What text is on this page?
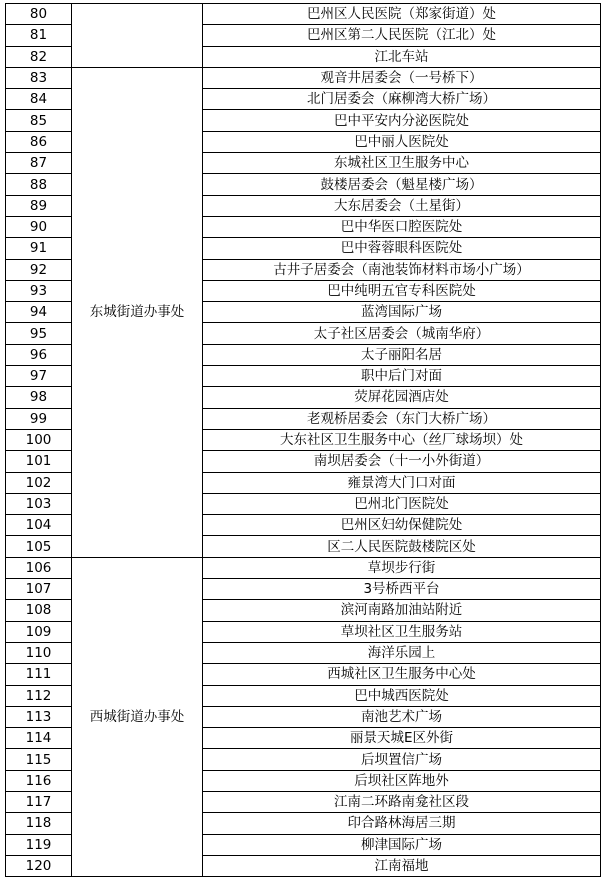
80		巴州区人民医院（郑家街道）处
81		巴州区第二人民医院（江北）处
82		江北车站
83	东城街道办事处	观音井居委会（一号桥下）
84		北门居委会（麻柳湾大桥广场）
85		巴中平安内分泌医院处
86		巴中丽人医院处
87		东城社区卫生服务中心
88		鼓楼居委会（魁星楼广场）
89		大东居委会（土星街）
90		巴中华医口腔医院处
91		巴中蓉蓉眼科医院处
92		古井子居委会（南池装饰材料市场小广场）
93		巴中纯明五官专科医院处
94		蓝湾国际广场
95		太子社区居委会（城南华府）
96		太子丽阳名居
97		职中后门对面
98		荧屏花园酒店处
99		老观桥居委会（东门大桥广场）
100		大东社区卫生服务中心（丝厂球场坝）处
101		南坝居委会（十一小外街道）
102		雍景湾大门口对面
103		巴州北门医院处
104		巴州区妇幼保健院处
105		区二人民医院鼓楼院区处
106	西城街道办事处	草坝步行街
107		3号桥西平台
108		滨河南路加油站附近
109		草坝社区卫生服务站
110		海洋乐园上
111		西城社区卫生服务中心处
112		巴中城西医院处
113		南池艺术广场
114		丽景天城E区外街
115		后坝置信广场
116		后坝社区阵地外
117		江南二环路南龛社区段
118		印合路林海居三期
119		柳津国际广场
120		江南福地
